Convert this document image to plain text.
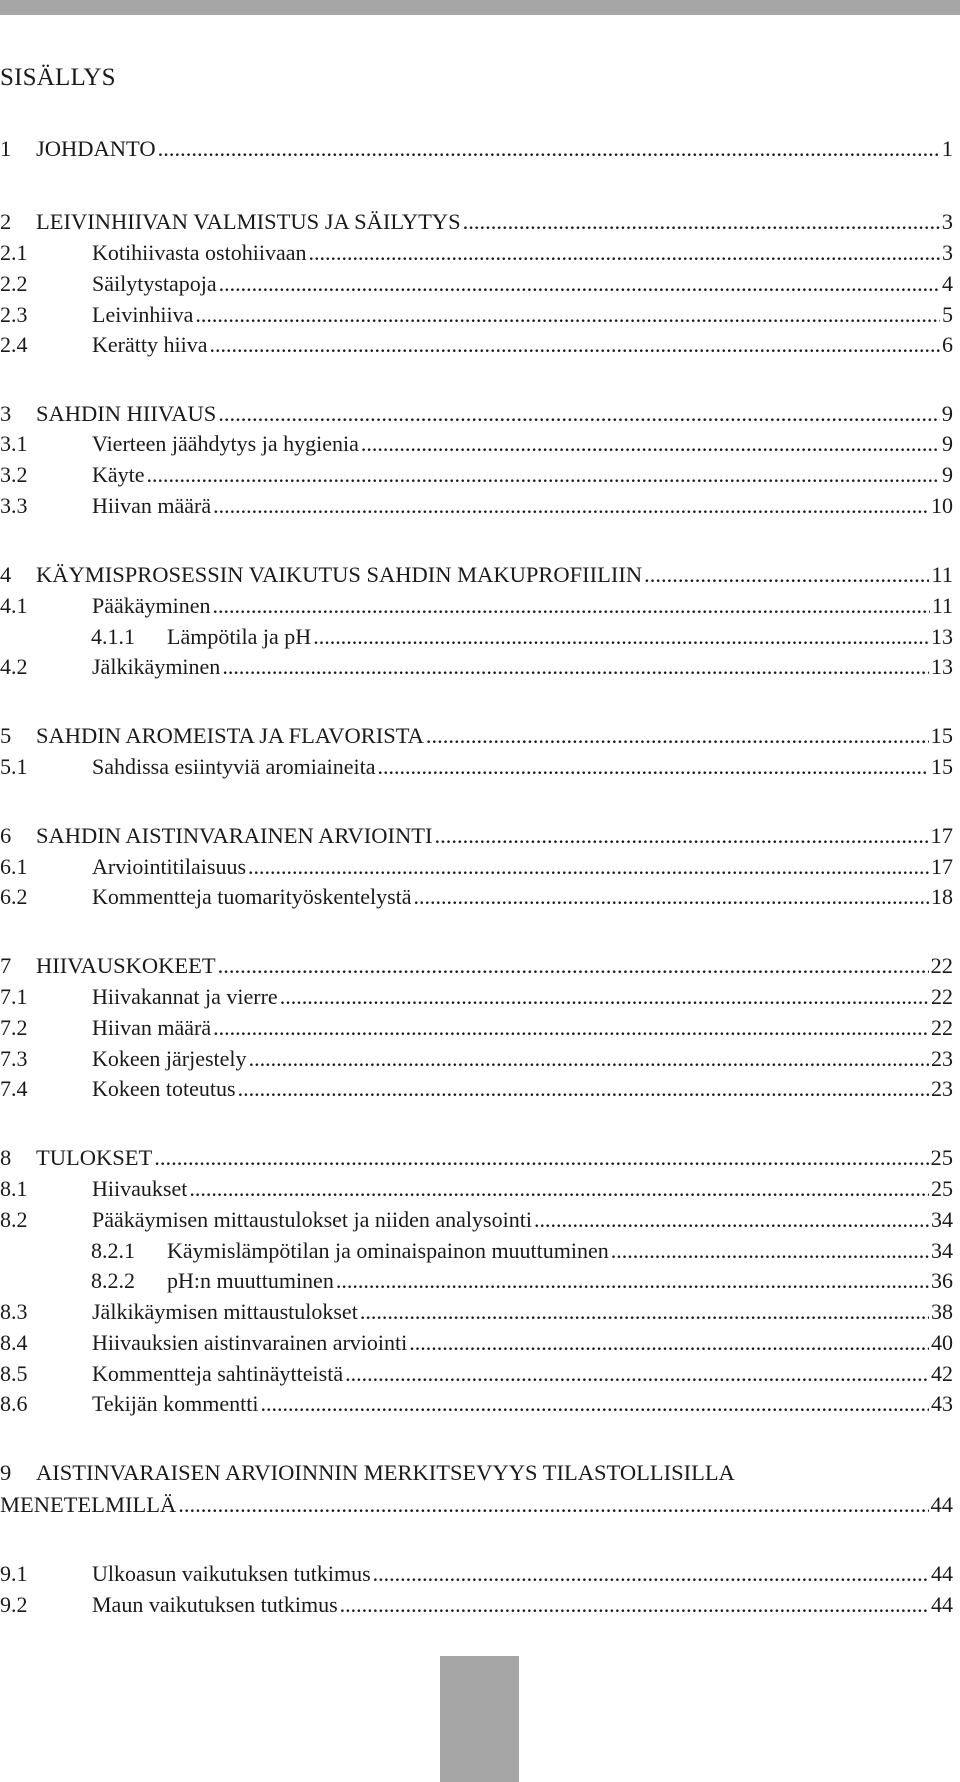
SISÄLLYS
1	JOHDANTO .....	1
2	LEIVINHIIVAN VALMISTUS JA SÄILYTYS .....	3
2.1	Kotihiivasta ostohiivaan .....	3
2.2	Säilytystapoja .....	4
2.3	Leivinhiiva .....	5
2.4	Kerätty hiiva .....	6
3	SAHDIN HIIVAUS .....	9
3.1	Vierteen jäähdytys ja hygienia .....	9
3.2	Käyte .....	9
3.3	Hiivan määrä .....	10
4	KÄYMISPROSESSIN VAIKUTUS SAHDIN MAKUPROFIILIIN .....	11
4.1	Pääkäyminen .....	11
4.1.1	Lämpötila ja pH .....	13
4.2	Jälkikäyminen .....	13
5	SAHDIN AROMEISTA JA FLAVORISTA .....	15
5.1	Sahdissa esiintyviä aromiaineita .....	15
6	SAHDIN AISTINVARAINEN ARVIOINTI .....	17
6.1	Arviointitilaisuus .....	17
6.2	Kommentteja tuomarityöskentelystä .....	18
7	HIIVAUSKOKEET .....	22
7.1	Hiivakannat ja vierre .....	22
7.2	Hiivan määrä .....	22
7.3	Kokeen järjestely .....	23
7.4	Kokeen toteutus .....	23
8	TULOKSET .....	25
8.1	Hiivaukset .....	25
8.2	Pääkäymisen mittaustulokset ja niiden analysointi .....	34
8.2.1	Käymislämpötilan ja ominaispainon muuttuminen .....	34
8.2.2	pH:n muuttuminen .....	36
8.3	Jälkikäymisen mittaustulokset .....	38
8.4	Hiivauksien aistinvarainen arviointi .....	40
8.5	Kommentteja sahtinäytteistä .....	42
8.6	Tekijän kommentti .....	43
9 AISTINVARAISEN ARVIOINNIN MERKITSEVYYS TILASTOLLISILLA
MENETELMILLÄ .....	44
9.1	Ulkoasun vaikutuksen tutkimus .....	44
9.2	Maun vaikutuksen tutkimus .....	44
